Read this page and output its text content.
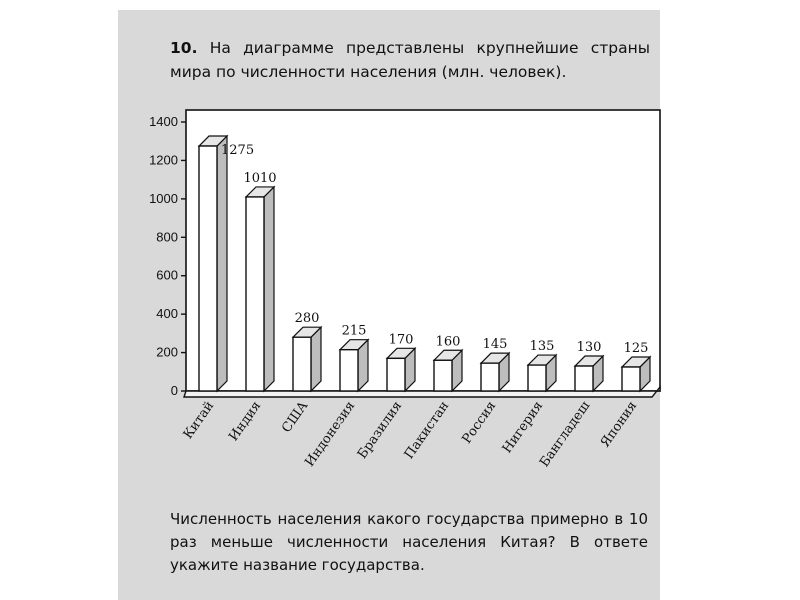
10. На диаграмме представлены крупнейшие страны мира по численности населения (млн. человек).
0
200
400
600
800
1000
1200
1400
1275
1010
280
215
170 160 145 135 130 125
Китай Индия США
Индонезия
Бразилия
Пакистан Россия Нигерия
Бангладеш Япония
Численность населения какого государства примерно в 10 раз меньше численности населения Китая? В ответе укажите название государства.
